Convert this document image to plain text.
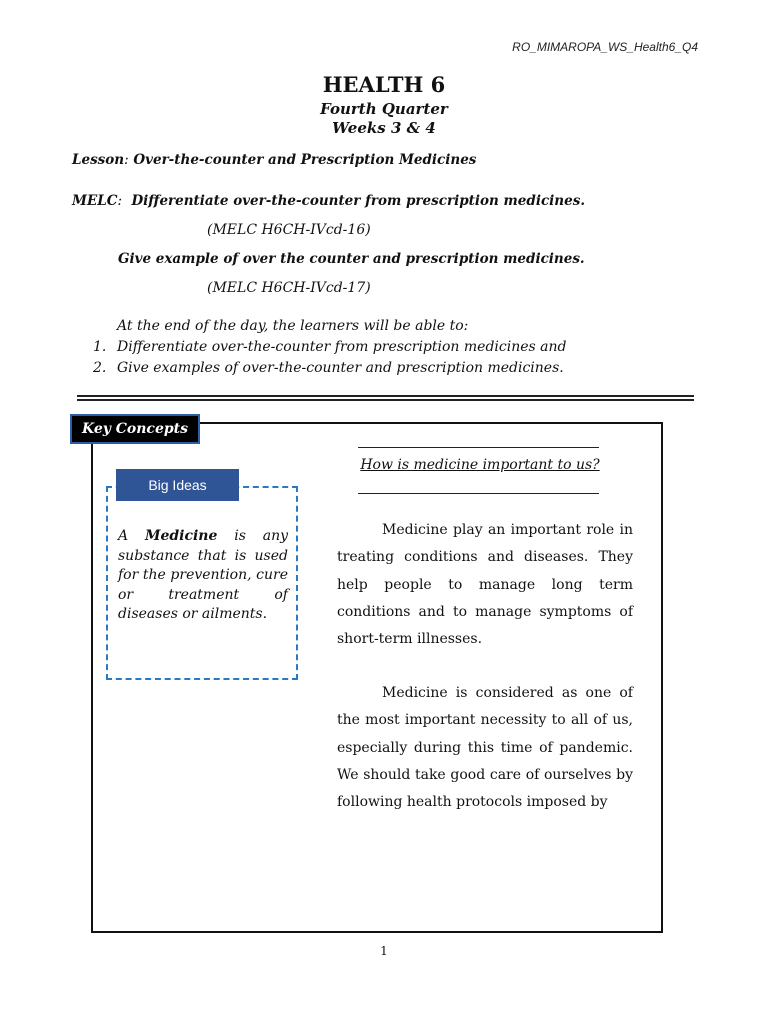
RO_MIMAROPA_WS_Health6_Q4
HEALTH 6
Fourth Quarter
Weeks 3 & 4
Lesson: Over-the-counter and Prescription Medicines
MELC: Differentiate over-the-counter from prescription medicines.
(MELC H6CH-IVcd-16)
Give example of over the counter and prescription medicines.
(MELC H6CH-IVcd-17)
At the end of the day, the learners will be able to:
1. Differentiate over-the-counter from prescription medicines and
2. Give examples of over-the-counter and prescription medicines.
Key Concepts
Big Ideas
A Medicine is any substance that is used for the prevention, cure or treatment of diseases or ailments.
How is medicine important to us?
Medicine play an important role in treating conditions and diseases. They help people to manage long term conditions and to manage symptoms of short-term illnesses.
Medicine is considered as one of the most important necessity to all of us, especially during this time of pandemic. We should take good care of ourselves by following health protocols imposed by
1
